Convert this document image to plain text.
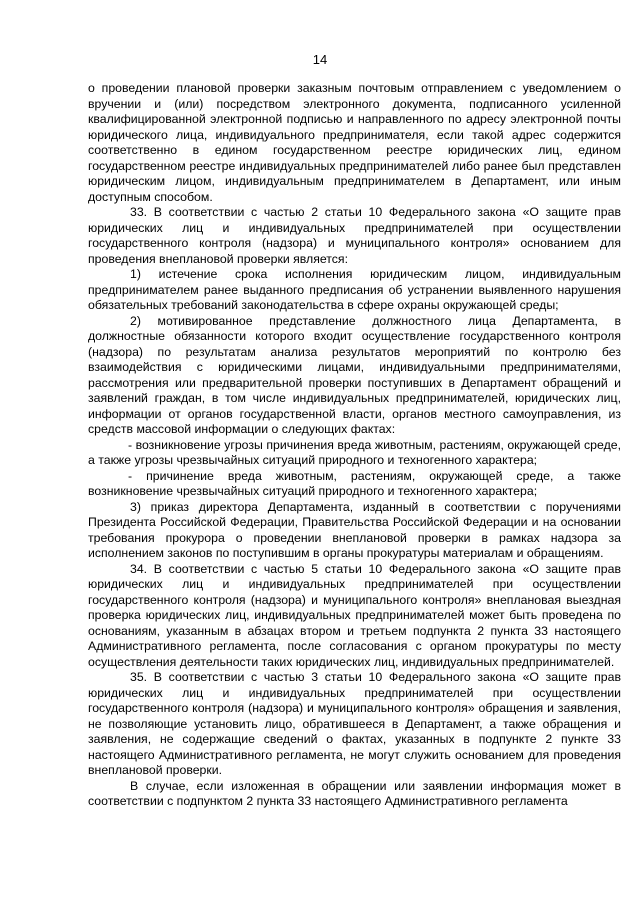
14

о проведении плановой проверки заказным почтовым отправлением с уведомлением о вручении и (или) посредством электронного документа, подписанного усиленной квалифицированной электронной подписью и направленного по адресу электронной почты юридического лица, индивидуального предпринимателя, если такой адрес содержится соответственно в едином государственном реестре юридических лиц, едином государственном реестре индивидуальных предпринимателей либо ранее был представлен юридическим лицом, индивидуальным предпринимателем в Департамент, или иным доступным способом.

33. В соответствии с частью 2 статьи 10 Федерального закона «О защите прав юридических лиц и индивидуальных предпринимателей при осуществлении государственного контроля (надзора) и муниципального контроля» основанием для проведения внеплановой проверки является:

1) истечение срока исполнения юридическим лицом, индивидуальным предпринимателем ранее выданного предписания об устранении выявленного нарушения обязательных требований законодательства в сфере охраны окружающей среды;

2) мотивированное представление должностного лица Департамента, в должностные обязанности которого входит осуществление государственного контроля (надзора) по результатам анализа результатов мероприятий по контролю без взаимодействия с юридическими лицами, индивидуальными предпринимателями, рассмотрения или предварительной проверки поступивших в Департамент обращений и заявлений граждан, в том числе индивидуальных предпринимателей, юридических лиц, информации от органов государственной власти, органов местного самоуправления, из средств массовой информации о следующих фактах:

- возникновение угрозы причинения вреда животным, растениям, окружающей среде, а также угрозы чрезвычайных ситуаций природного и техногенного характера;

- причинение вреда животным, растениям, окружающей среде, а также возникновение чрезвычайных ситуаций природного и техногенного характера;

3) приказ директора Департамента, изданный в соответствии с поручениями Президента Российской Федерации, Правительства Российской Федерации и на основании требования прокурора о проведении внеплановой проверки в рамках надзора за исполнением законов по поступившим в органы прокуратуры материалам и обращениям.

34. В соответствии с частью 5 статьи 10 Федерального закона «О защите прав юридических лиц и индивидуальных предпринимателей при осуществлении государственного контроля (надзора) и муниципального контроля» внеплановая выездная проверка юридических лиц, индивидуальных предпринимателей может быть проведена по основаниям, указанным в абзацах втором и третьем подпункта 2 пункта 33 настоящего Административного регламента, после согласования с органом прокуратуры по месту осуществления деятельности таких юридических лиц, индивидуальных предпринимателей.

35. В соответствии с частью 3 статьи 10 Федерального закона «О защите прав юридических лиц и индивидуальных предпринимателей при осуществлении государственного контроля (надзора) и муниципального контроля» обращения и заявления, не позволяющие установить лицо, обратившееся в Департамент, а также обращения и заявления, не содержащие сведений о фактах, указанных в подпункте 2 пункте 33 настоящего Административного регламента, не могут служить основанием для проведения внеплановой проверки.

В случае, если изложенная в обращении или заявлении информация может в соответствии с подпунктом 2 пункта 33 настоящего Административного регламента
